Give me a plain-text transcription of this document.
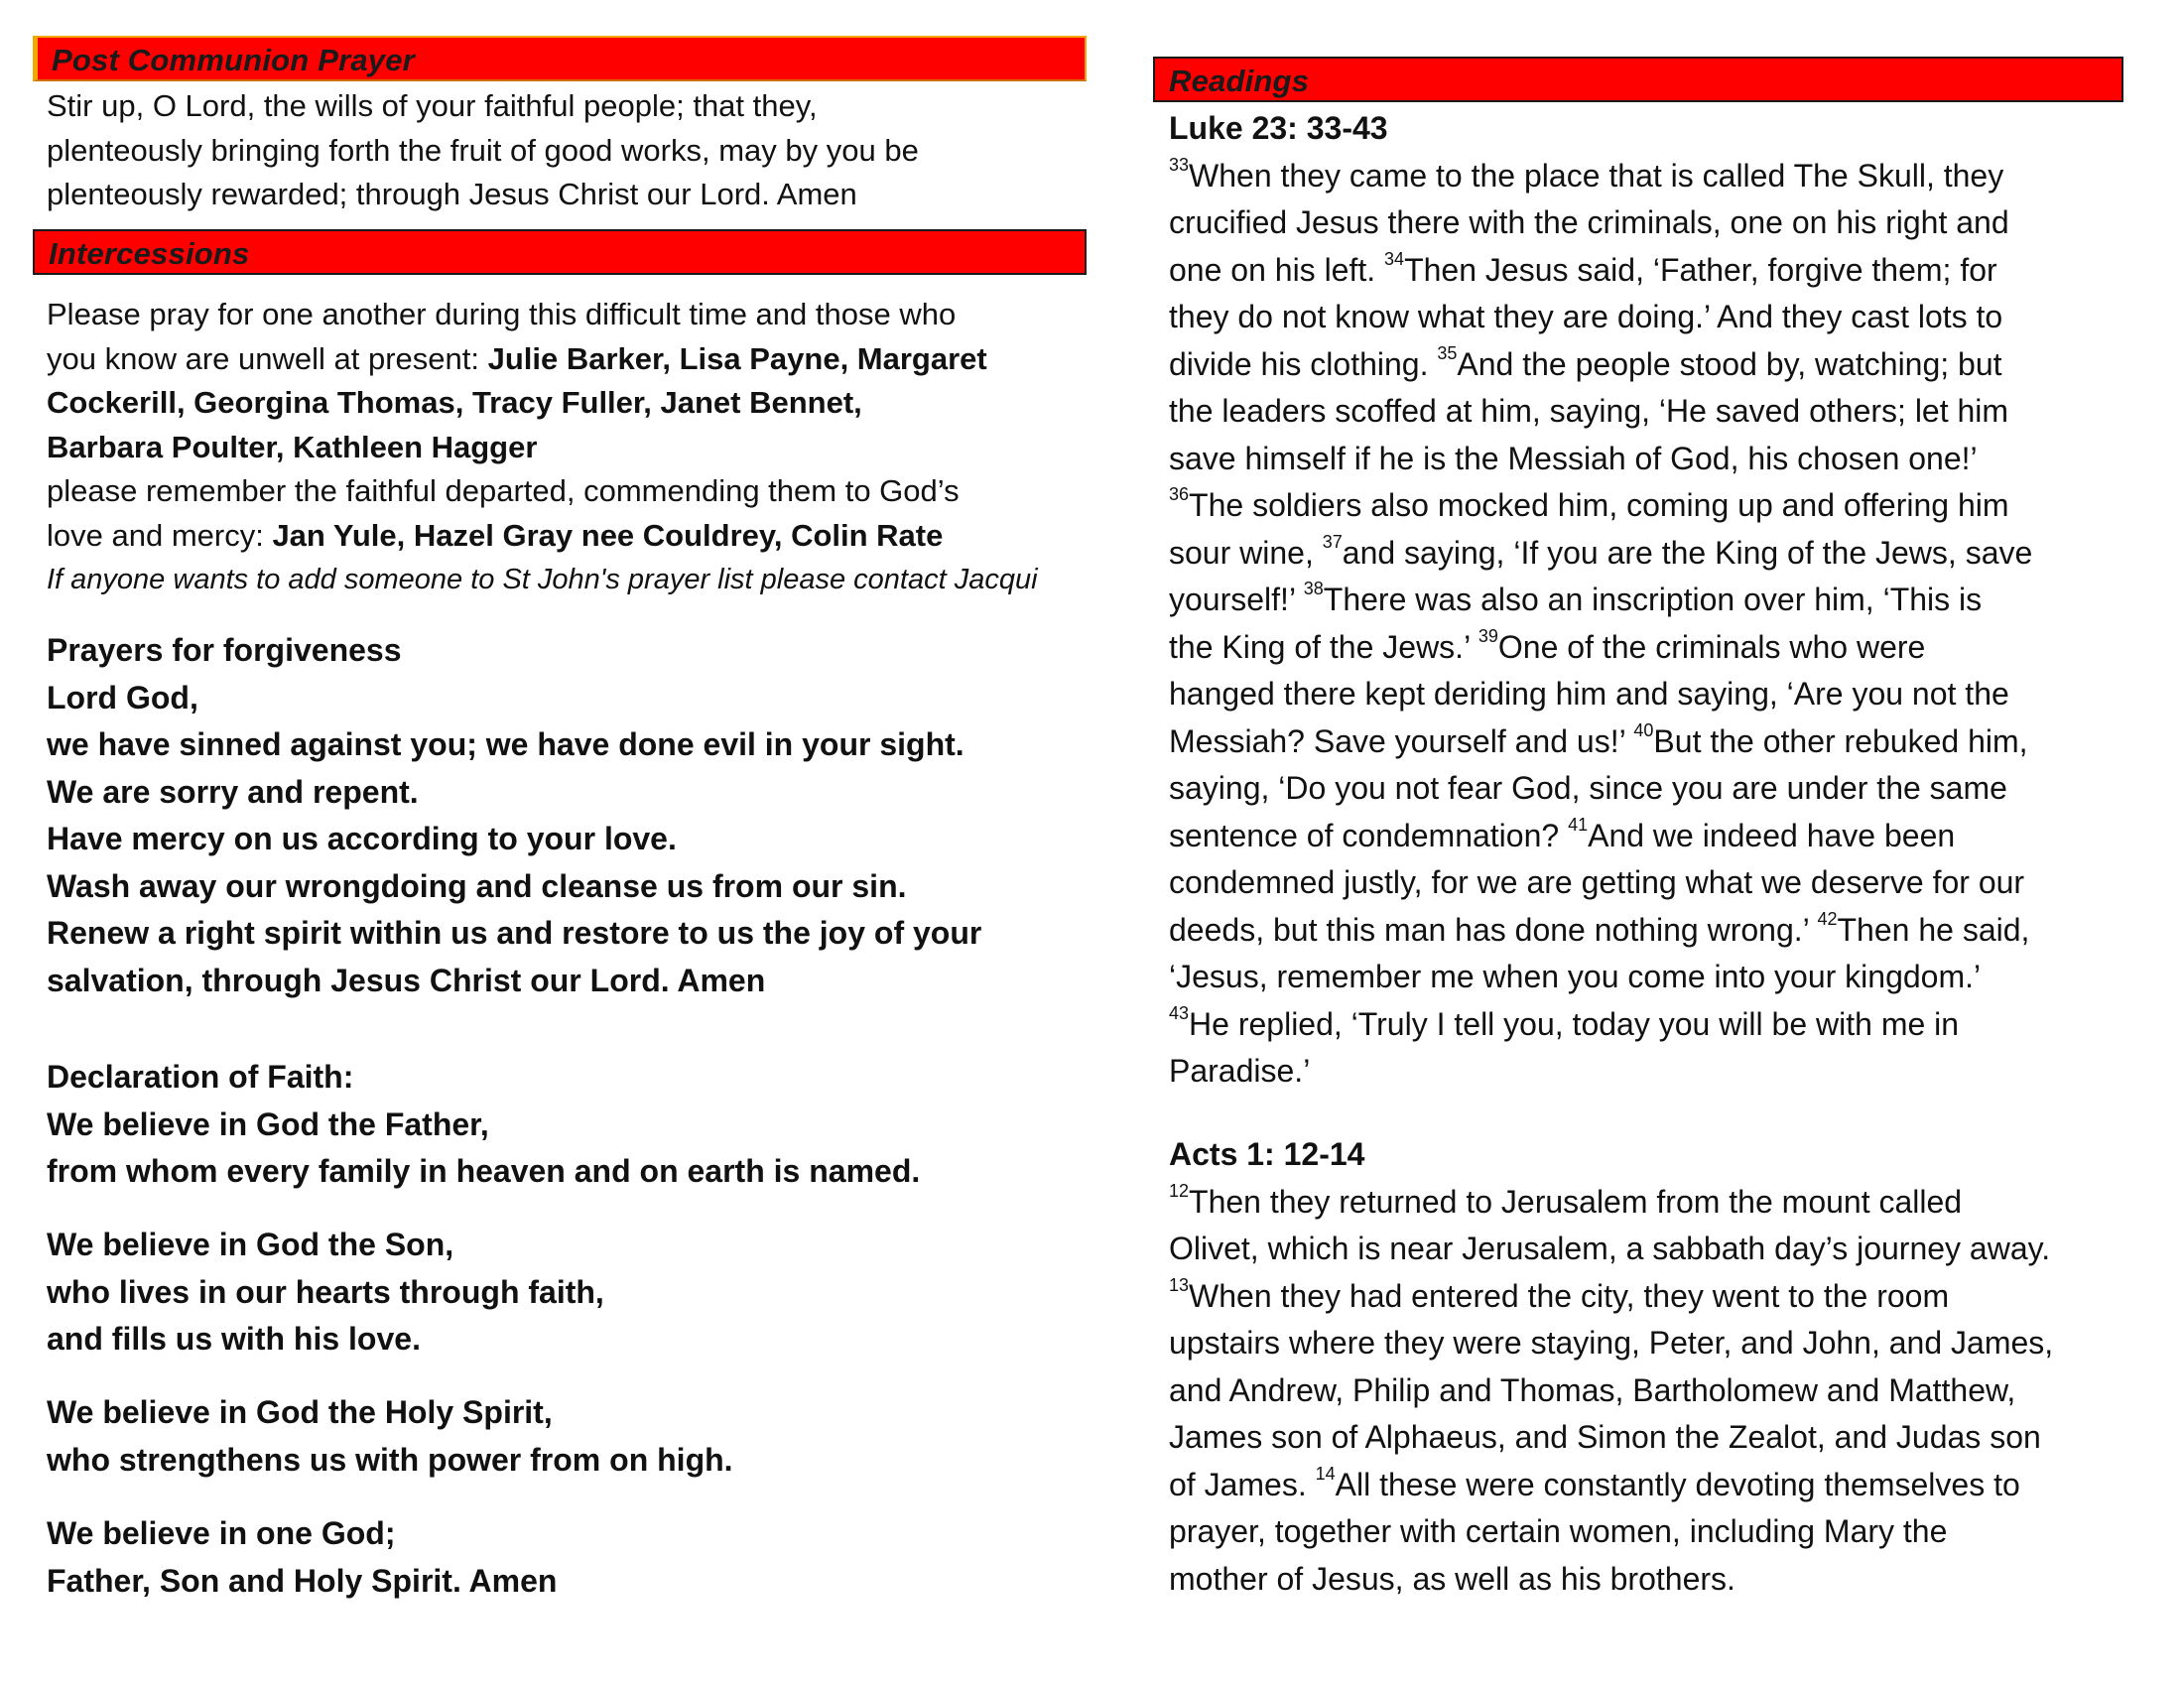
Post Communion Prayer
Intercessions
Readings

Stir up, O Lord, the wills of your faithful people; that they,

plenteously bringing forth the fruit of good works, may by you be

plenteously rewarded; through Jesus Christ our Lord. Amen

Please pray for one another during this difficult time and those who

you know are unwell at present: Julie Barker, Lisa Payne, Margaret

Cockerill, Georgina Thomas, Tracy Fuller, Janet Bennet,

Barbara Poulter, Kathleen Hagger

please remember the faithful departed, commending them to God’s

love and mercy: Jan Yule, Hazel Gray nee Couldrey, Colin Rate

If anyone wants to add someone to St John's prayer list please contact Jacqui

Prayers for forgiveness

Lord God,

we have sinned against you; we have done evil in your sight.

We are sorry and repent.

Have mercy on us according to your love.

Wash away our wrongdoing and cleanse us from our sin.

Renew a right spirit within us and restore to us the joy of your

salvation, through Jesus Christ our Lord. Amen

Declaration of Faith:

We believe in God the Father,

from whom every family in heaven and on earth is named.

We believe in God the Son,

who lives in our hearts through faith,

and fills us with his love.

We believe in God the Holy Spirit,

who strengthens us with power from on high.

We believe in one God;

Father, Son and Holy Spirit. Amen

Luke 23: 33-43

$^{33}$When they came to the place that is called The Skull, they

crucified Jesus there with the criminals, one on his right and

one on his left. $^{34}$Then Jesus said, ‘Father, forgive them; for

they do not know what they are doing.’ And they cast lots to

divide his clothing. $^{35}$And the people stood by, watching; but

the leaders scoffed at him, saying, ‘He saved others; let him

save himself if he is the Messiah of God, his chosen one!’

$^{36}$The soldiers also mocked him, coming up and offering him

sour wine, $^{37}$and saying, ‘If you are the King of the Jews, save

yourself!’ $^{38}$There was also an inscription over him, ‘This is

the King of the Jews.’ $^{39}$One of the criminals who were

hanged there kept deriding him and saying, ‘Are you not the

Messiah? Save yourself and us!’ $^{40}$But the other rebuked him,

saying, ‘Do you not fear God, since you are under the same

sentence of condemnation? $^{41}$And we indeed have been

condemned justly, for we are getting what we deserve for our

deeds, but this man has done nothing wrong.’ $^{42}$Then he said,

‘Jesus, remember me when you come into your kingdom.’

$^{43}$He replied, ‘Truly I tell you, today you will be with me in

Paradise.’

Acts 1: 12-14

$^{12}$Then they returned to Jerusalem from the mount called

Olivet, which is near Jerusalem, a sabbath day’s journey away.

$^{13}$When they had entered the city, they went to the room

upstairs where they were staying, Peter, and John, and James,

and Andrew, Philip and Thomas, Bartholomew and Matthew,

James son of Alphaeus, and Simon the Zealot, and Judas son

of James. $^{14}$All these were constantly devoting themselves to

prayer, together with certain women, including Mary the

mother of Jesus, as well as his brothers.
